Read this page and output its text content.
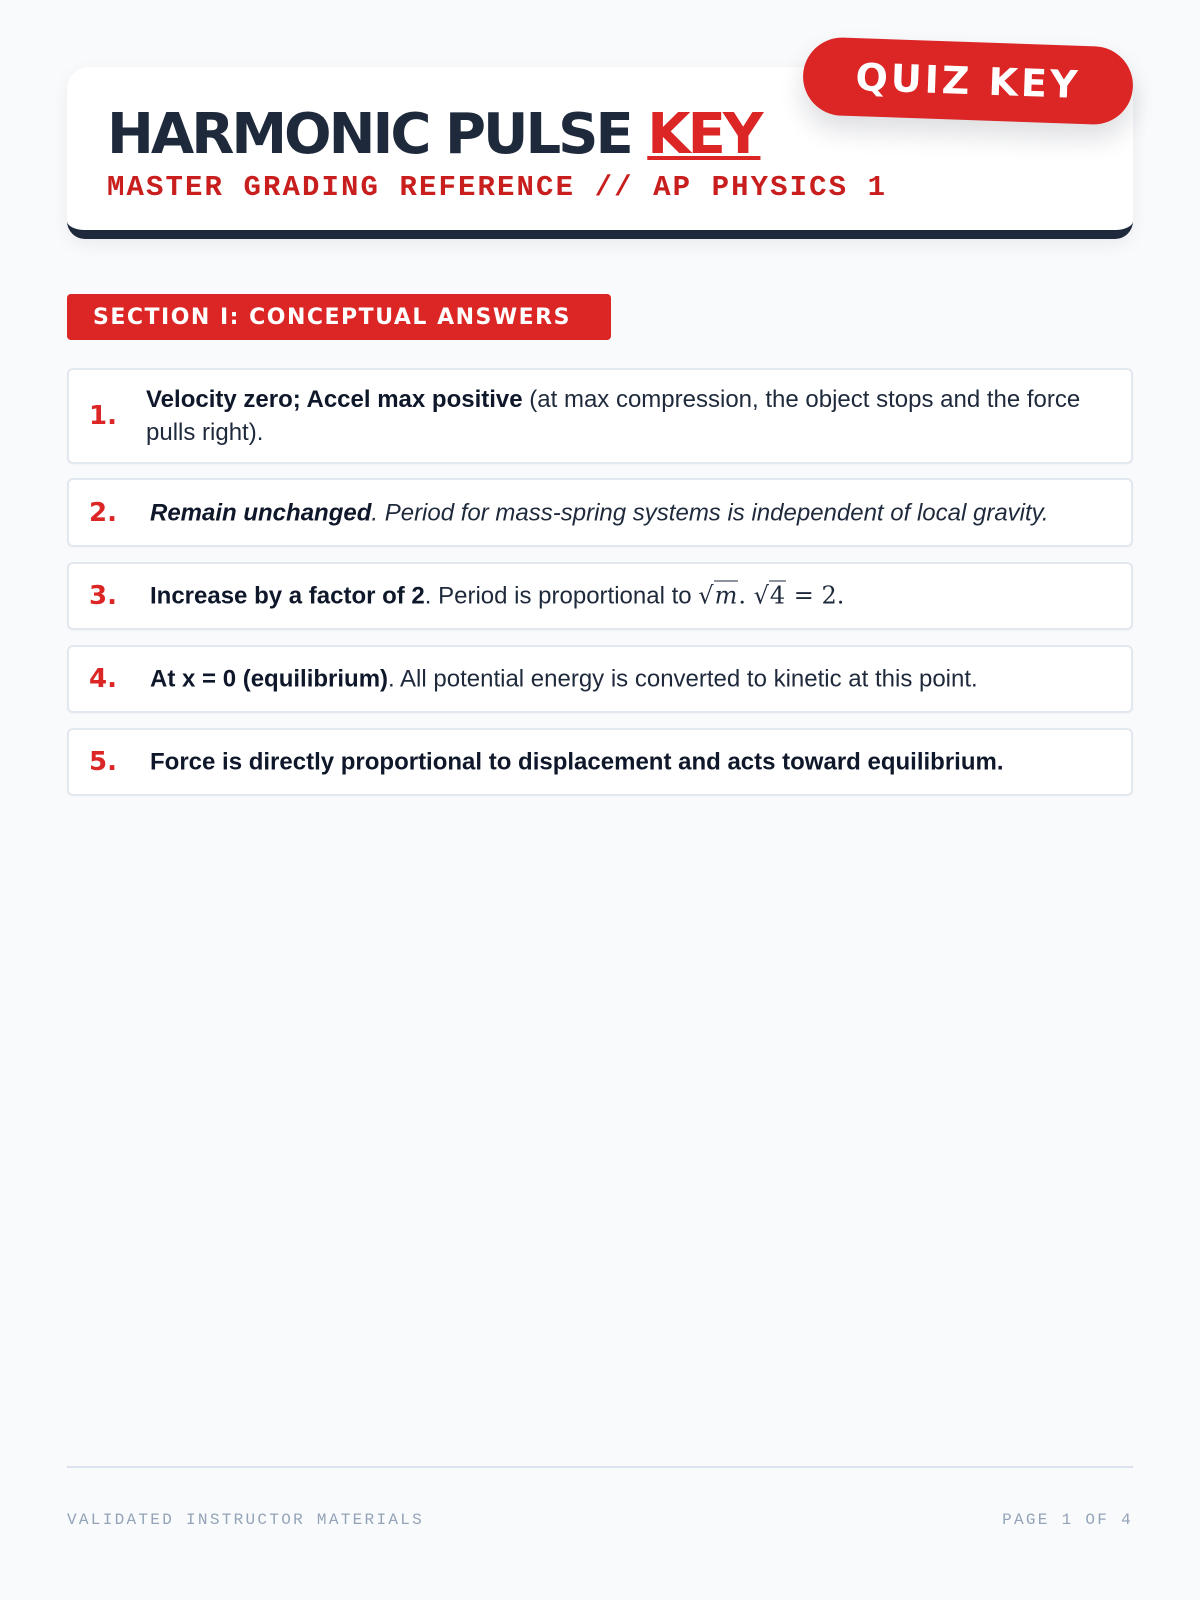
HARMONIC PULSE KEY
MASTER GRADING REFERENCE // AP PHYSICS 1
QUIZ KEY
SECTION I: CONCEPTUAL ANSWERS
1.
Velocity zero; Accel max positive (at max compression, the object stops and the force pulls right).
2. Remain unchanged. Period for mass-spring systems is independent of local gravity.
3. Increase by a factor of 2. Period is proportional to √m. √4 = 2.
4. At x = 0 (equilibrium). All potential energy is converted to kinetic at this point.
5. Force is directly proportional to displacement and acts toward equilibrium.
VALIDATED INSTRUCTOR MATERIALS	PAGE 1 OF 4
